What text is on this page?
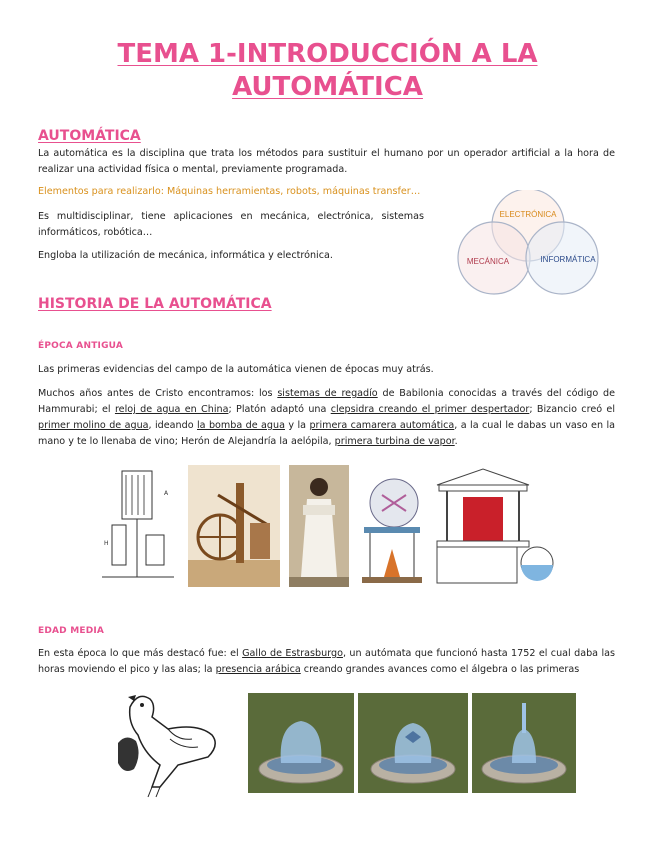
TEMA 1-INTRODUCCIÓN A LA AUTOMÁTICA
AUTOMÁTICA

La automática es la disciplina que trata los métodos para sustituir el humano por un operador artificial a la hora de realizar una actividad física o mental, previamente programada.

Elementos para realizarlo: Máquinas herramientas, robots, máquinas transfer…

Es multidisciplinar, tiene aplicaciones en mecánica, electrónica, sistemas informáticos, robótica…

Engloba la utilización de mecánica, informática y electrónica.

ELECTRÓNICA
MECÁNICA	INFORMÁTICA
HISTORIA DE LA AUTOMÁTICA
ÉPOCA ANTIGUA

Las primeras evidencias del campo de la automática vienen de épocas muy atrás.

Muchos años antes de Cristo encontramos: los sistemas de regadío de Babilonia conocidas a través del código de Hammurabi; el reloj de agua en China; Platón adaptó una clepsidra creando el primer despertador; Bizancio creó el primer molino de agua, ideando la bomba de agua y la primera camarera automática, a la cual le dabas un vaso en la mano y te lo llenaba de vino; Herón de Alejandría la aelópila, primera turbina de vapor.

A
H
EDAD MEDIA

En esta época lo que más destacó fue: el Gallo de Estrasburgo, un autómata que funcionó hasta 1752 el cual daba las horas moviendo el pico y las alas; la presencia arábica creando grandes avances como el álgebra o las primeras
